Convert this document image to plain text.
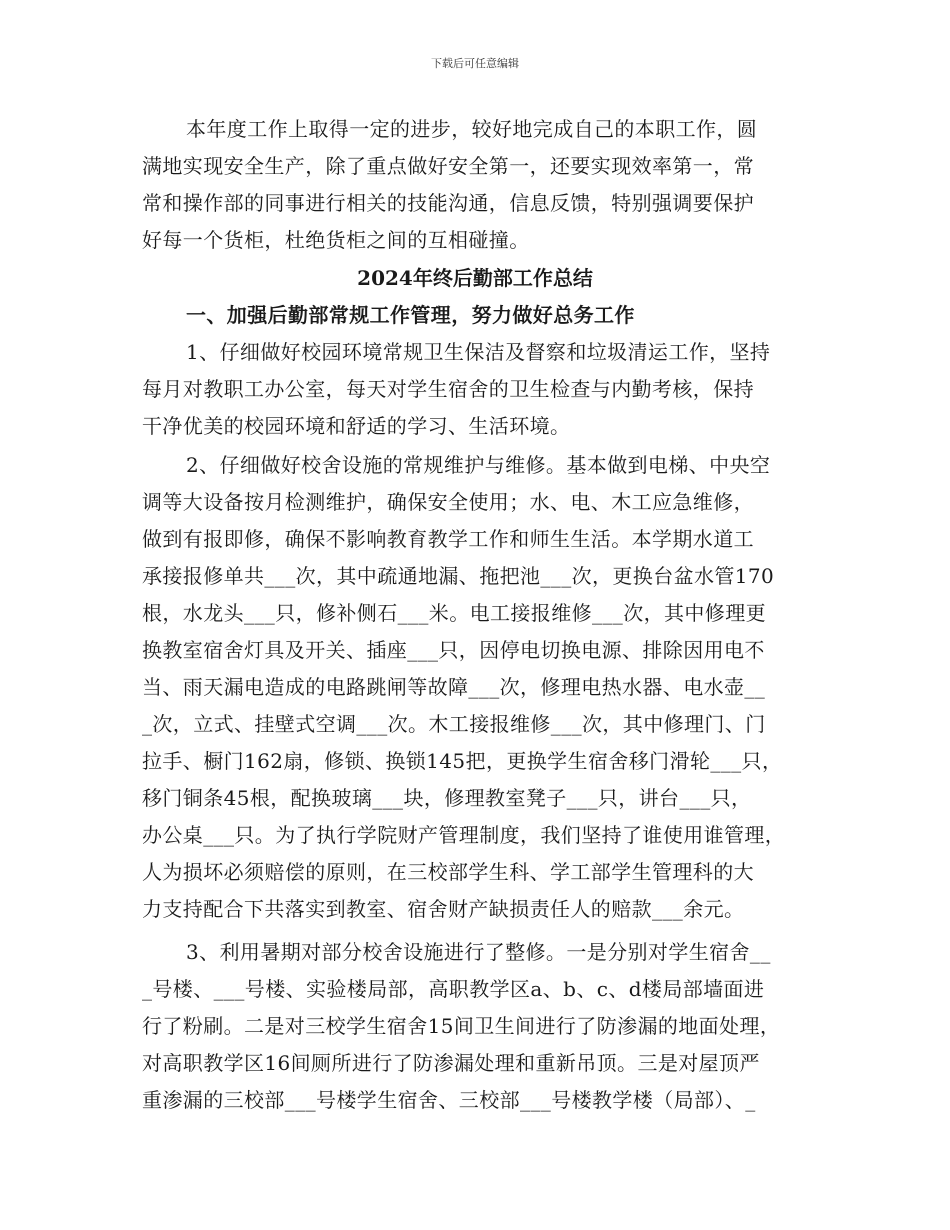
下载后可任意编辑
本年度工作上取得一定的进步，较好地完成自己的本职工作，圆
满地实现安全生产，除了重点做好安全第一，还要实现效率第一，常
常和操作部的同事进行相关的技能沟通，信息反馈，特别强调要保护
好每一个货柜，杜绝货柜之间的互相碰撞。
2024年终后勤部工作总结
一、加强后勤部常规工作管理，努力做好总务工作
1、仔细做好校园环境常规卫生保洁及督察和垃圾清运工作，坚持
每月对教职工办公室，每天对学生宿舍的卫生检查与内勤考核，保持
干净优美的校园环境和舒适的学习、生活环境。
2、仔细做好校舍设施的常规维护与维修。基本做到电梯、中央空
调等大设备按月检测维护，确保安全使用；水、电、木工应急维修，
做到有报即修，确保不影响教育教学工作和师生生活。本学期水道工
承接报修单共___次，其中疏通地漏、拖把池___次，更换台盆水管170
根，水龙头___只，修补侧石___米。电工接报维修___次，其中修理更
换教室宿舍灯具及开关、插座___只，因停电切换电源、排除因用电不
当、雨天漏电造成的电路跳闸等故障___次，修理电热水器、电水壶__
_次，立式、挂壁式空调___次。木工接报维修___次，其中修理门、门
拉手、橱门162扇，修锁、换锁145把，更换学生宿舍移门滑轮___只，
移门铜条45根，配换玻璃___块，修理教室凳子___只，讲台___只，
办公桌___只。为了执行学院财产管理制度，我们坚持了谁使用谁管理，
人为损坏必须赔偿的原则，在三校部学生科、学工部学生管理科的大
力支持配合下共落实到教室、宿舍财产缺损责任人的赔款___余元。
3、利用暑期对部分校舍设施进行了整修。一是分别对学生宿舍__
_号楼、___号楼、实验楼局部，高职教学区a、b、c、d楼局部墙面进
行了粉刷。二是对三校学生宿舍15间卫生间进行了防渗漏的地面处理，
对高职教学区16间厕所进行了防渗漏处理和重新吊顶。三是对屋顶严
重渗漏的三校部___号楼学生宿舍、三校部___号楼教学楼（局部）、_
